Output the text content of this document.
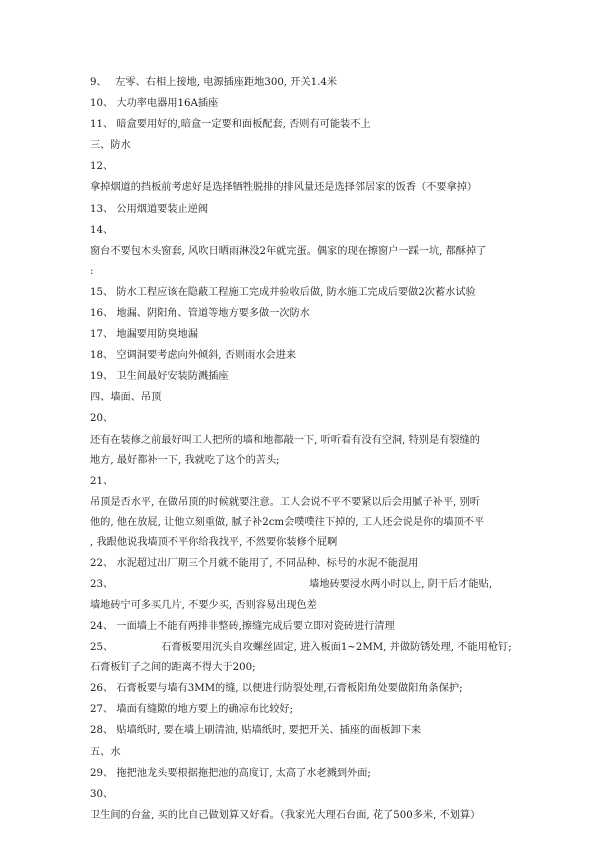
9、 左零、右相上接地, 电源插座距地300, 开关1.4米
10、 大功率电器用16A插座
11、 暗盒要用好的,暗盒一定要和面板配套, 否则有可能装不上
三、防水
12、
拿掉烟道的挡板前考虑好是选择牺牲脱排的排风量还是选择邻居家的饭香（不要拿掉）
13、 公用烟道要装止逆阀
14、
窗台不要包木头窗套, 风吹日晒雨淋没2年就完蛋。偶家的现在擦窗户一踩一坑, 都酥掉了
:
15、 防水工程应该在隐蔽工程施工完成并验收后做, 防水施工完成后要做2次蓄水试验
16、 地漏、阴阳角、管道等地方要多做一次防水
17、 地漏要用防臭地漏
18、 空调洞要考虑向外倾斜, 否则雨水会进来
19、 卫生间最好安装防溅插座
四、墙面、吊顶
20、
还有在装修之前最好叫工人把所的墙和地都敲一下, 听听看有没有空洞, 特别是有裂缝的
地方, 最好都补一下, 我就吃了这个的苦头;
21、
吊顶是否水平, 在做吊顶的时候就要注意。工人会说不平不要紧以后会用腻子补平, 别听
他的, 他在放屁, 让他立刻重做, 腻子补2cm会噗噗往下掉的, 工人还会说是你的墙顶不平
, 我跟他说我墙顶不平你给我找平, 不然要你装修个屁啊
22、 水泥超过出厂期三个月就不能用了, 不同品种、标号的水泥不能混用
23、	墙地砖要浸水两小时以上, 阴干后才能贴,
墙地砖宁可多买几片, 不要少买, 否则容易出现色差
24、 一面墙上不能有两排非整砖,擦缝完成后要立即对瓷砖进行清理
25、	石膏板要用沉头自攻螺丝固定, 进入板面1~2MM, 并做防锈处理, 不能用枪钉;
石膏板钉子之间的距离不得大于200;
26、 石膏板要与墙有3MM的缝, 以便进行防裂处理,石膏板阳角处要做阳角条保护;
27、 墙面有缝隙的地方要上的确凉布比较好;
28、 贴墙纸时, 要在墙上刷清油, 贴墙纸时, 要把开关、插座的面板卸下来
五、水
29、 拖把池龙头要根据拖把池的高度订, 太高了水老溅到外面;
30、
卫生间的台盆, 买的比自己做划算又好看。（我家光大理石台面, 花了500多米, 不划算）
